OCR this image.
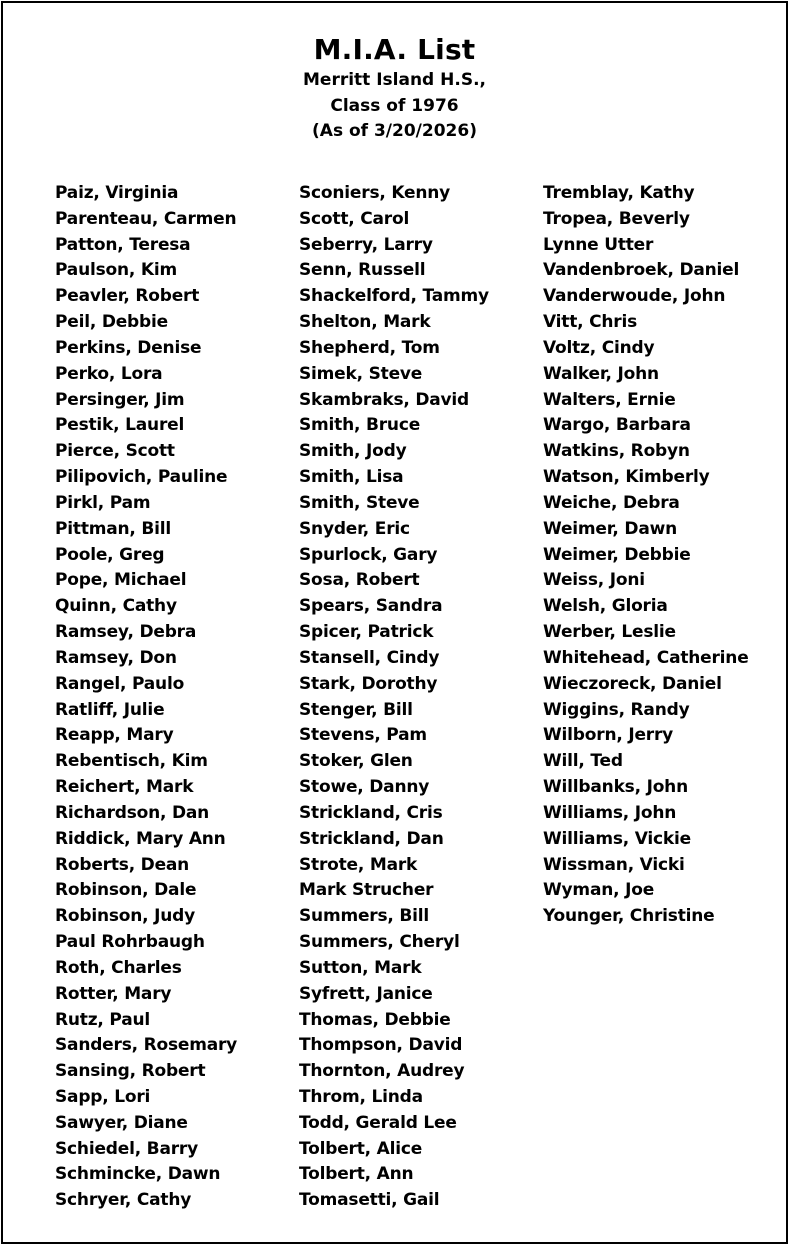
M.I.A. List

Merritt Island H.S.,

Class of 1976

(As of 3/20/2026)

Paiz, Virginia
Parenteau, Carmen
Patton, Teresa
Paulson, Kim
Peavler, Robert
Peil, Debbie
Perkins, Denise
Perko, Lora
Persinger, Jim
Pestik, Laurel
Pierce, Scott
Pilipovich, Pauline
Pirkl, Pam
Pittman, Bill
Poole, Greg
Pope, Michael
Quinn, Cathy
Ramsey, Debra
Ramsey, Don
Rangel, Paulo
Ratliff, Julie
Reapp, Mary
Rebentisch, Kim
Reichert, Mark
Richardson, Dan
Riddick, Mary Ann
Roberts, Dean
Robinson, Dale
Robinson, Judy
Paul Rohrbaugh
Roth, Charles
Rotter, Mary
Rutz, Paul
Sanders, Rosemary
Sansing, Robert
Sapp, Lori
Sawyer, Diane
Schiedel, Barry
Schmincke, Dawn
Schryer, Cathy
Sconiers, Kenny
Scott, Carol
Seberry, Larry
Senn, Russell
Shackelford, Tammy
Shelton, Mark
Shepherd, Tom
Simek, Steve
Skambraks, David
Smith, Bruce
Smith, Jody
Smith, Lisa
Smith, Steve
Snyder, Eric
Spurlock, Gary
Sosa, Robert
Spears, Sandra
Spicer, Patrick
Stansell, Cindy
Stark, Dorothy
Stenger, Bill
Stevens, Pam
Stoker, Glen
Stowe, Danny
Strickland, Cris
Strickland, Dan
Strote, Mark
Mark Strucher
Summers, Bill
Summers, Cheryl
Sutton, Mark
Syfrett, Janice
Thomas, Debbie
Thompson, David
Thornton, Audrey
Throm, Linda
Todd, Gerald Lee
Tolbert, Alice
Tolbert, Ann
Tomasetti, Gail
Tremblay, Kathy
Tropea, Beverly
Lynne Utter
Vandenbroek, Daniel
Vanderwoude, John
Vitt, Chris
Voltz, Cindy
Walker, John
Walters, Ernie
Wargo, Barbara
Watkins, Robyn
Watson, Kimberly
Weiche, Debra
Weimer, Dawn
Weimer, Debbie
Weiss, Joni
Welsh, Gloria
Werber, Leslie
Whitehead, Catherine
Wieczoreck, Daniel
Wiggins, Randy
Wilborn, Jerry
Will, Ted
Willbanks, John
Williams, John
Williams, Vickie
Wissman, Vicki
Wyman, Joe
Younger, Christine
